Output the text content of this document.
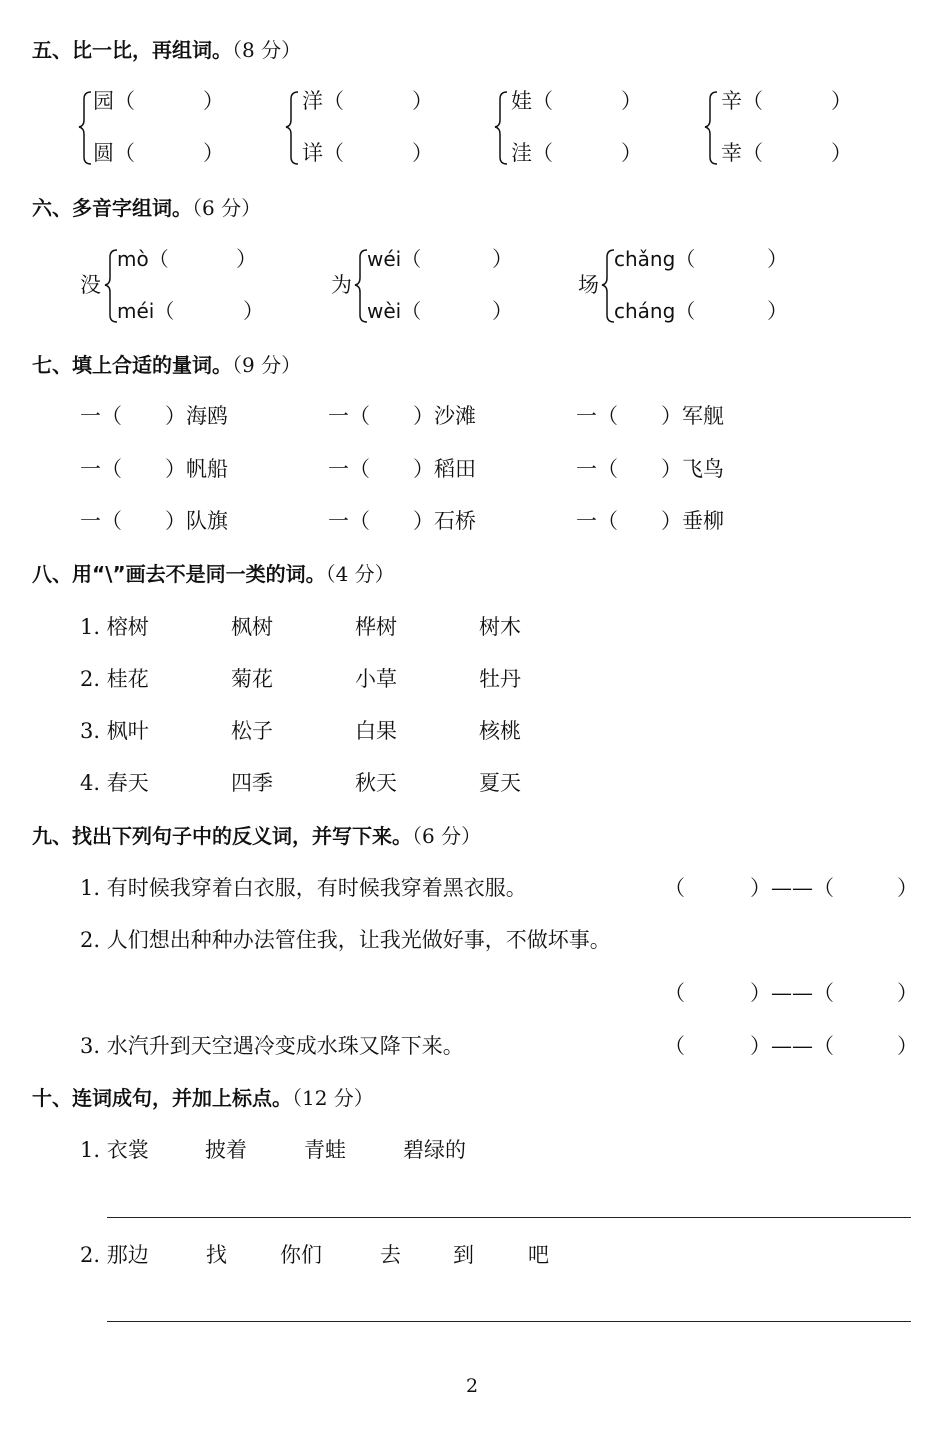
五、比一比，再组词。（8 分）
园（	）
圆（	）
洋（	）
详（	）
娃（	）
洼（	）
辛（	）
幸（	）
六、多音字组词。（6 分）
没
mò（	）
méi（	）
为
wéi（	）
wèi（	）
场
chǎng（	）
cháng（	）
七、填上合适的量词。（9 分）
一（ ）海鸥	一（ ）沙滩	一（ ）军舰
一（ ）帆船	一（ ）稻田	一（ ）飞鸟
一（ ）队旗	一（ ）石桥	一（ ）垂柳
八、用“\”画去不是同一类的词。（4 分）
1. 榕树	枫树	桦树	树木
2. 桂花	菊花	小草	牡丹
3. 枫叶	松子	白果	核桃
4. 春天	四季	秋天	夏天
九、找出下列句子中的反义词，并写下来。（6 分）
1. 有时候我穿着白衣服，有时候我穿着黑衣服。	（	）——（	）
2. 人们想出种种办法管住我，让我光做好事，不做坏事。
（	）——（	）
3. 水汽升到天空遇冷变成水珠又降下来。	（	）——（	）
十、连词成句，并加上标点。（12 分）
1. 衣裳	披着	青蛙	碧绿的
2. 那边	找	你们	去 到	吧
2
